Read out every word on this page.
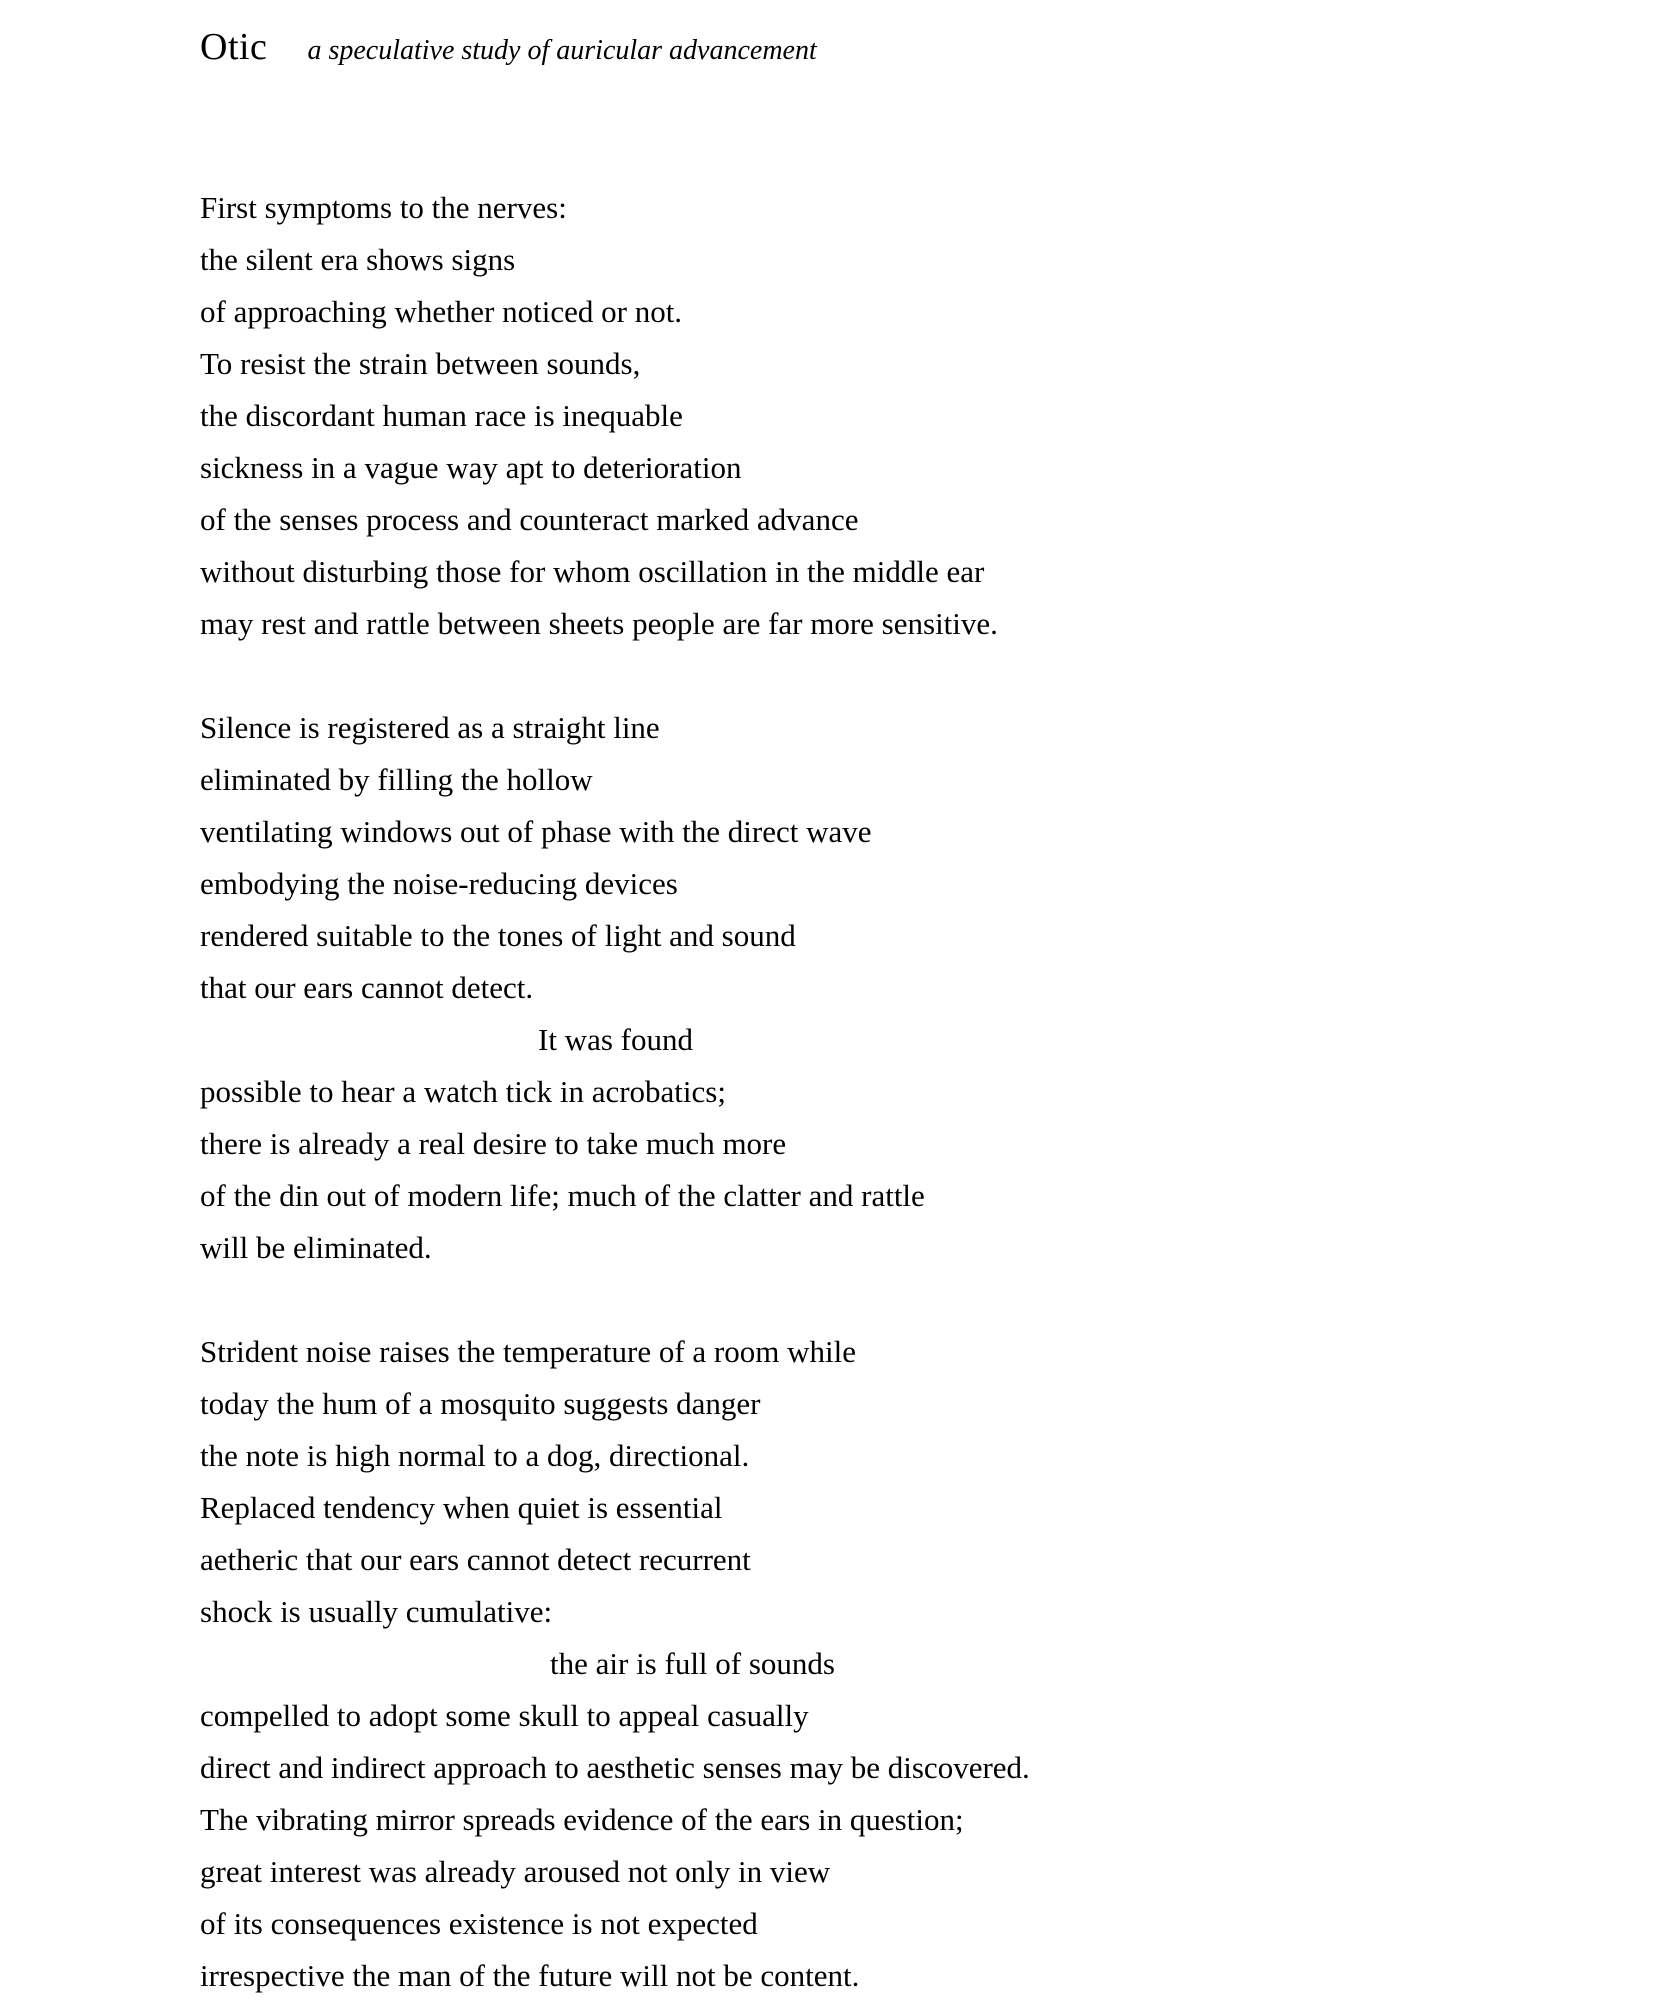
Otic a speculative study of auricular advancement
First symptoms to the nerves:
the silent era shows signs
of approaching whether noticed or not.
To resist the strain between sounds,
the discordant human race is inequable
sickness in a vague way apt to deterioration
of the senses process and counteract marked advance
without disturbing those for whom oscillation in the middle ear
may rest and rattle between sheets people are far more sensitive.
Silence is registered as a straight line
eliminated by filling the hollow
ventilating windows out of phase with the direct wave
embodying the noise-reducing devices
rendered suitable to the tones of light and sound
that our ears cannot detect.
It was found
possible to hear a watch tick in acrobatics;
there is already a real desire to take much more
of the din out of modern life; much of the clatter and rattle
will be eliminated.
Strident noise raises the temperature of a room while
today the hum of a mosquito suggests danger
the note is high normal to a dog, directional.
Replaced tendency when quiet is essential
aetheric that our ears cannot detect recurrent
shock is usually cumulative:
the air is full of sounds
compelled to adopt some skull to appeal casually
direct and indirect approach to aesthetic senses may be discovered.
The vibrating mirror spreads evidence of the ears in question;
great interest was already aroused not only in view
of its consequences existence is not expected
irrespective the man of the future will not be content.
